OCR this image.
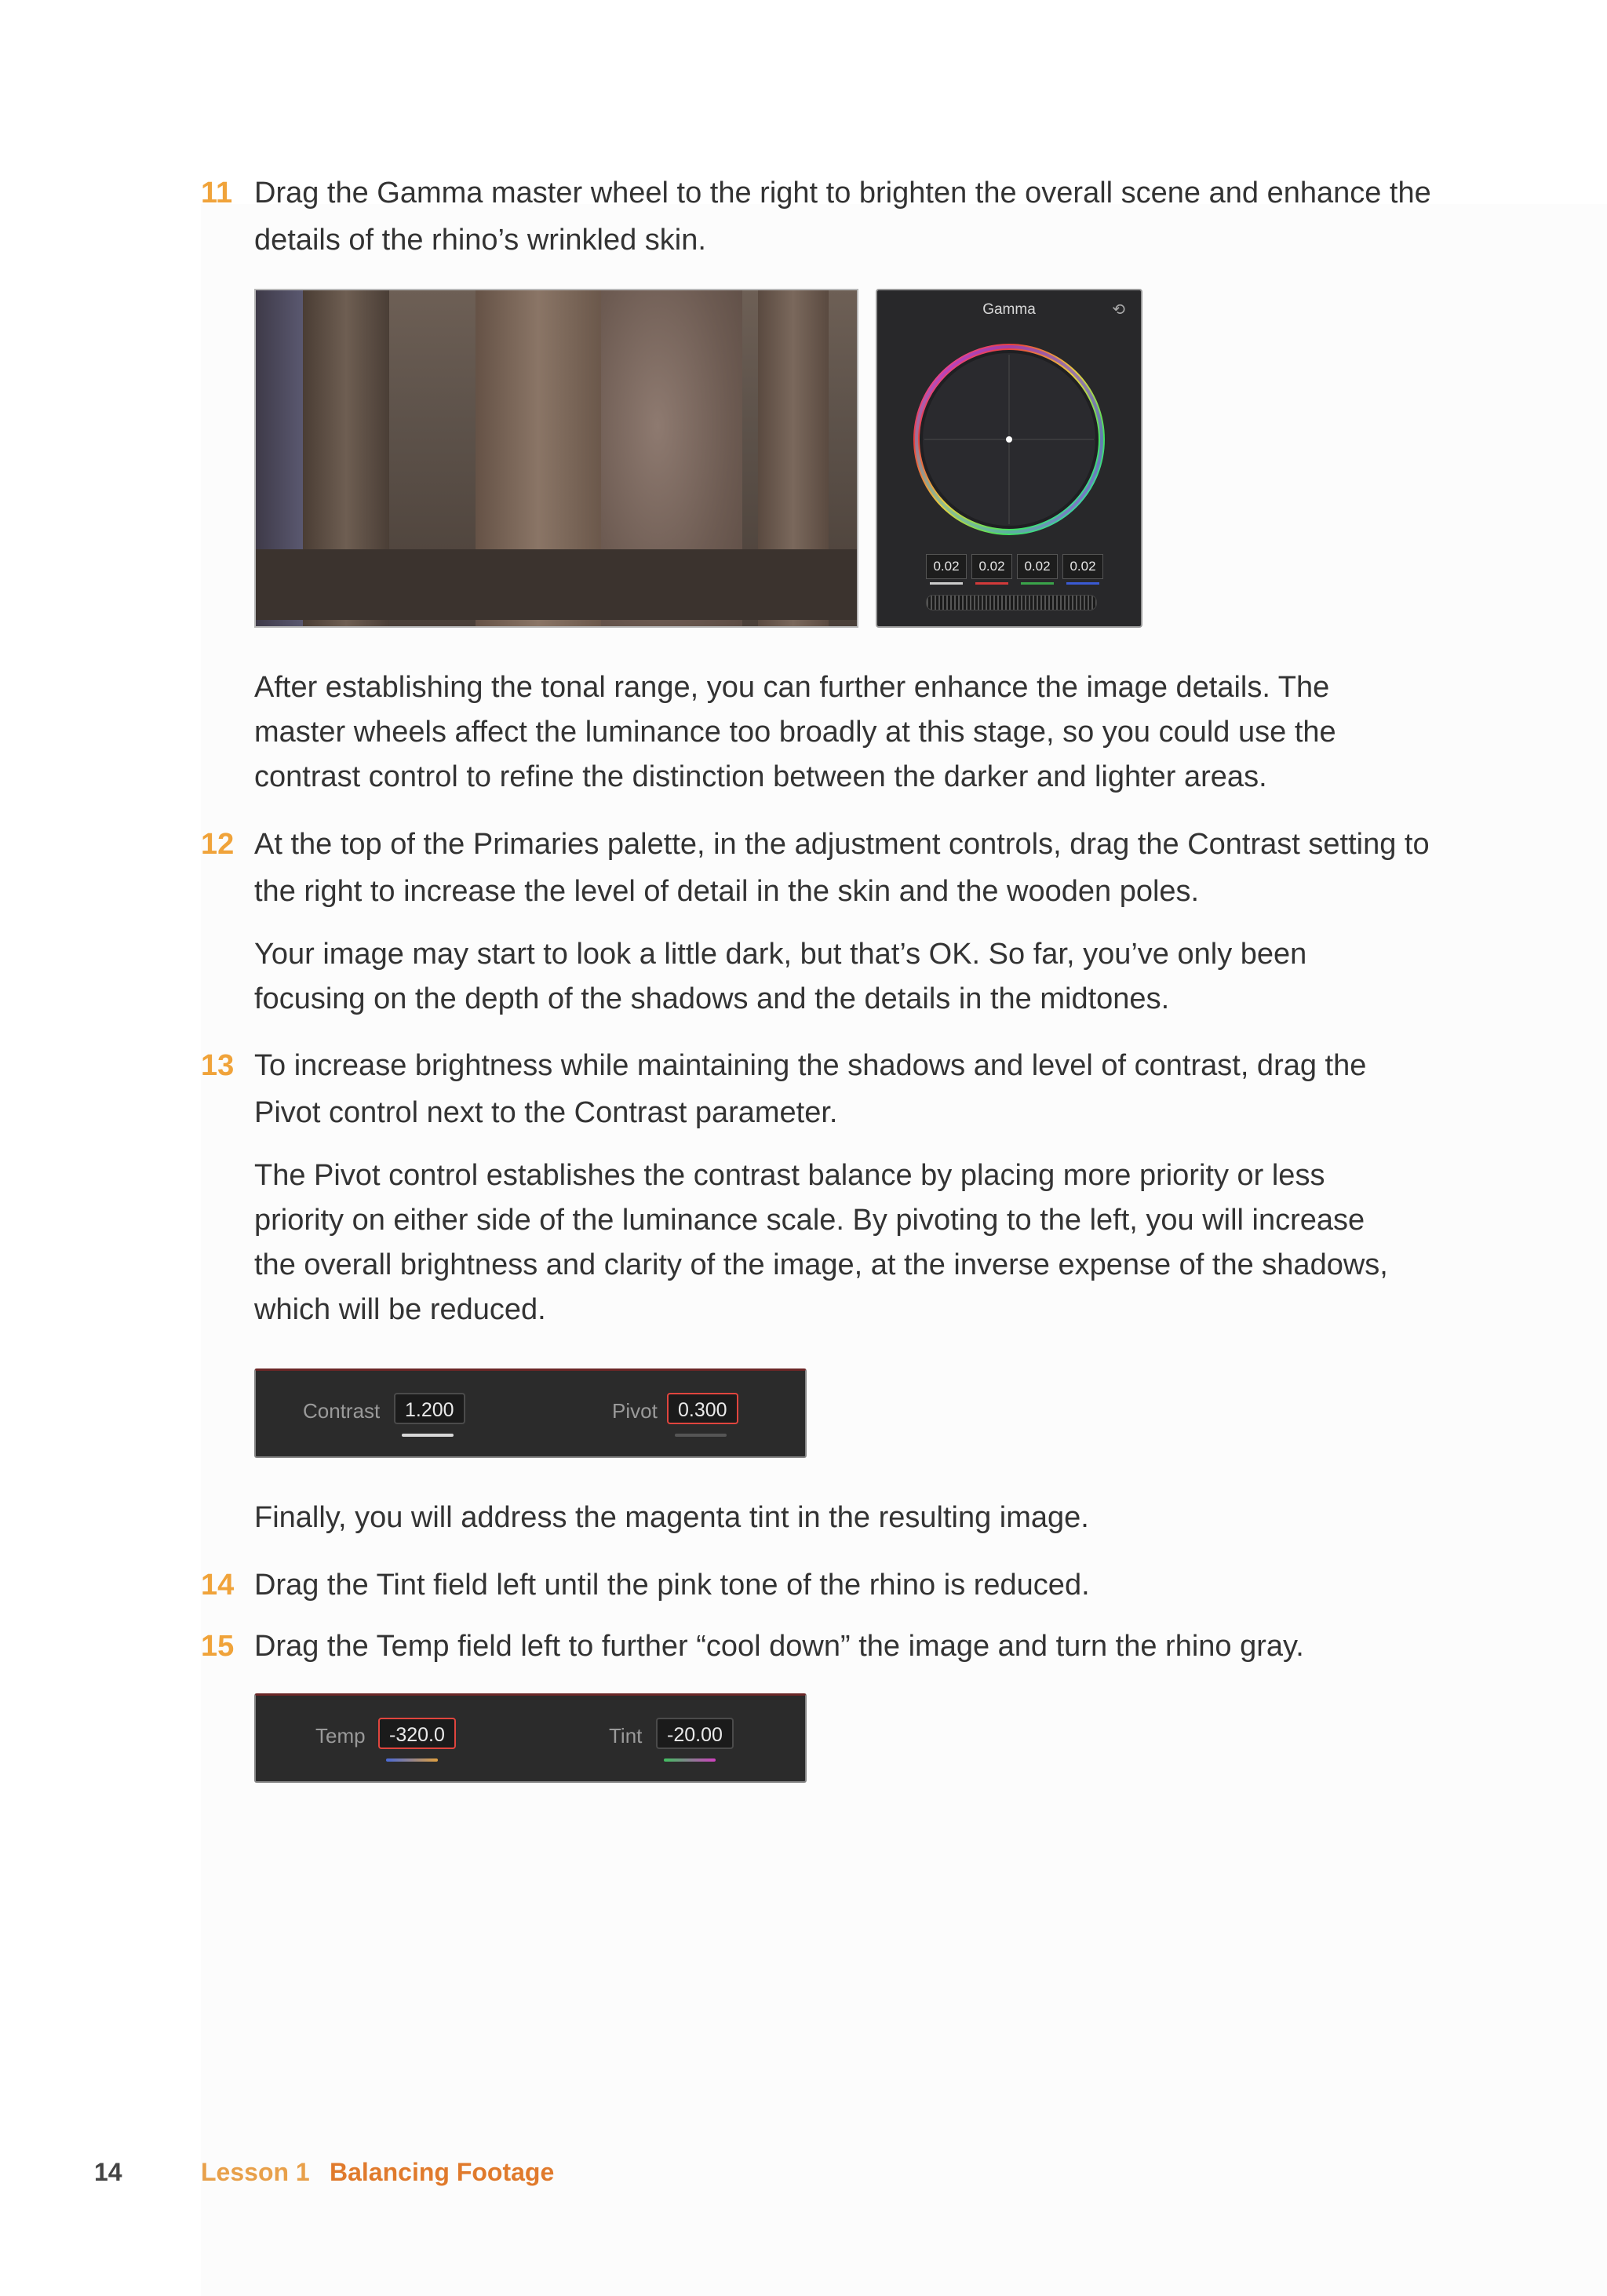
11 Drag the Gamma master wheel to the right to brighten the overall scene and enhance the details of the rhino’s wrinkled skin.
Gamma	⟲
0.02	0.02	0.02	0.02
After establishing the tonal range, you can further enhance the image details. The master wheels affect the luminance too broadly at this stage, so you could use the contrast control to refine the distinction between the darker and lighter areas.
12 At the top of the Primaries palette, in the adjustment controls, drag the Contrast setting to the right to increase the level of detail in the skin and the wooden poles.
Your image may start to look a little dark, but that’s OK. So far, you’ve only been focusing on the depth of the shadows and the details in the midtones.
13 To increase brightness while maintaining the shadows and level of contrast, drag the Pivot control next to the Contrast parameter.
The Pivot control establishes the contrast balance by placing more priority or less priority on either side of the luminance scale. By pivoting to the left, you will increase the overall brightness and clarity of the image, at the inverse expense of the shadows, which will be reduced.
Contrast	1.200	Pivot	0.300
Finally, you will address the magenta tint in the resulting image.
14 Drag the Tint field left until the pink tone of the rhino is reduced.
15 Drag the Temp field left to further “cool down” the image and turn the rhino gray.
Temp	-320.0	Tint	-20.00
14	Lesson 1 Balancing Footage
